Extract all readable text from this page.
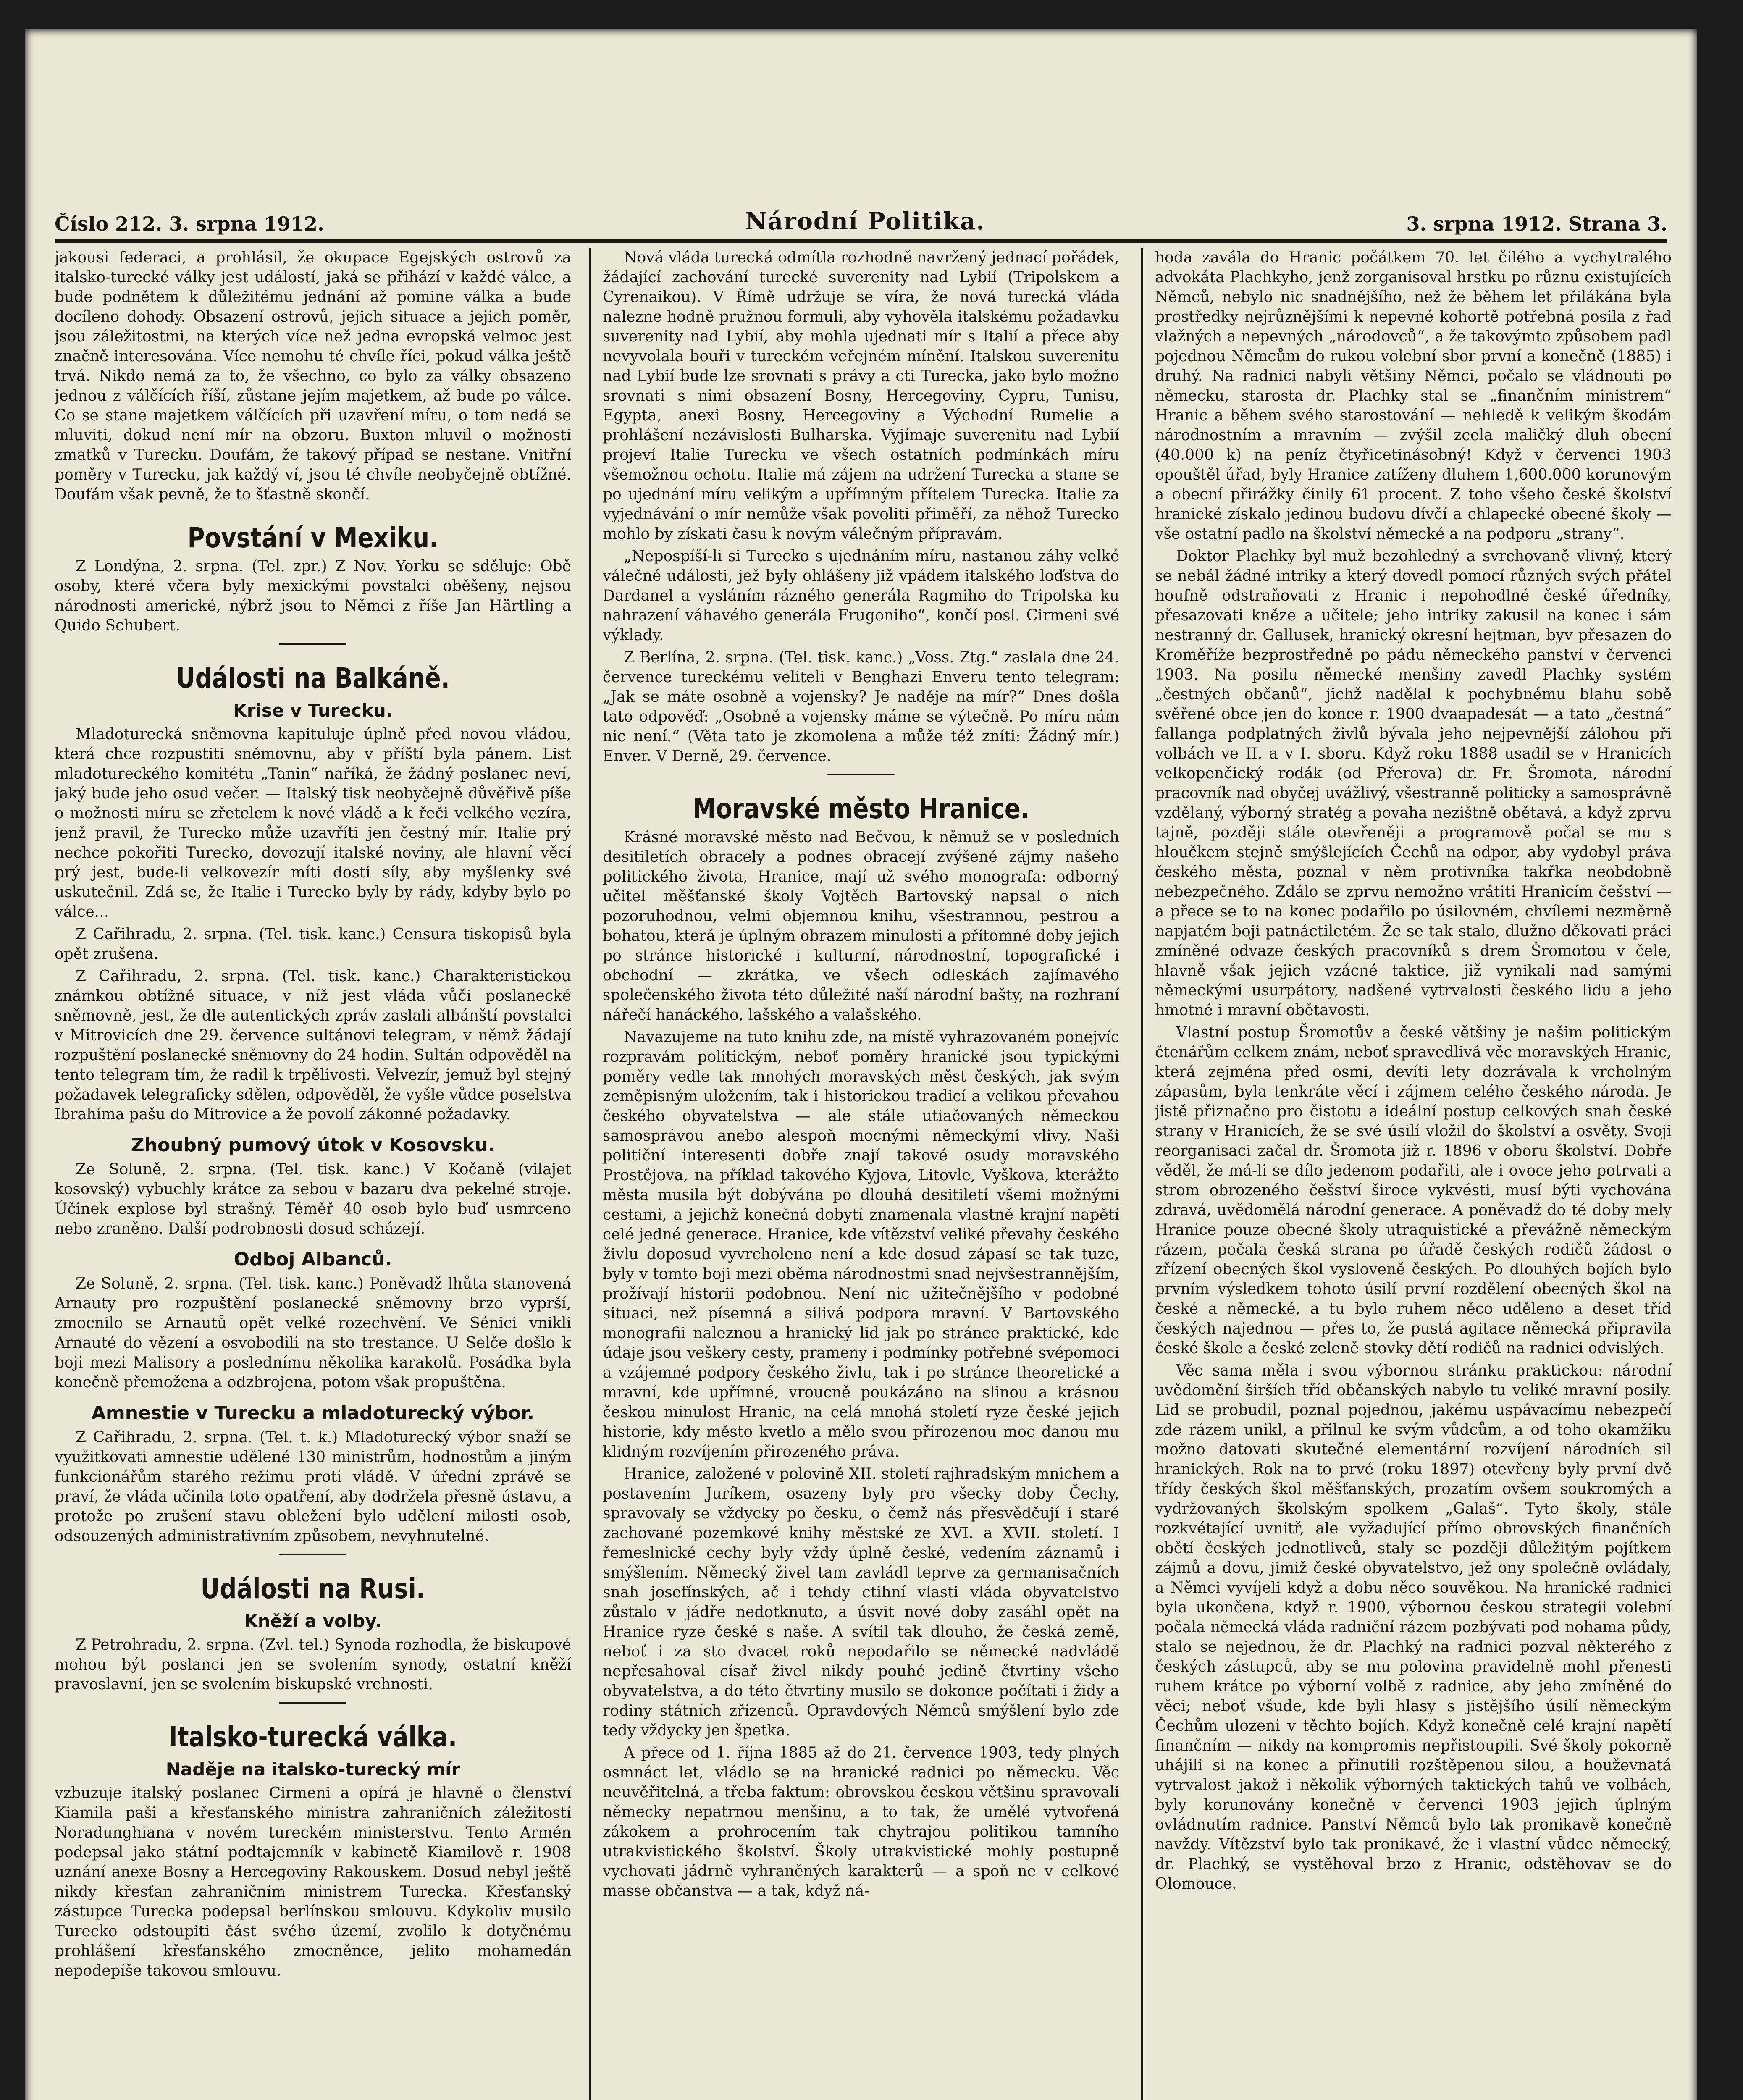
Číslo 212. 3. srpna 1912.	Národní Politika.	3. srpna 1912. Strana 3.

jakousi federaci, a prohlásil, že okupace Egejských ostrovů za italsko-turecké války jest událostí, jaká se přihází v každé válce, a bude podnětem k důležitému jednání až pomine válka a bude docíleno dohody. Obsazení ostrovů, jejich situace a jejich poměr, jsou záležitostmi, na kterých více než jedna evropská velmoc jest značně interesována. Více nemohu té chvíle říci, pokud válka ještě trvá. Nikdo nemá za to, že všechno, co bylo za války obsazeno jednou z válčících říší, zůstane jejím majetkem, až bude po válce. Co se stane majetkem válčících při uzavření míru, o tom nedá se mluviti, dokud není mír na obzoru. Buxton mluvil o možnosti zmatků v Turecku. Doufám, že takový případ se nestane. Vnitřní poměry v Turecku, jak každý ví, jsou té chvíle neobyčejně obtížné. Doufám však pevně, že to šťastně skončí.

Povstání v Mexiku.

Z Londýna, 2. srpna. (Tel. zpr.) Z Nov. Yorku se sděluje: Obě osoby, které včera byly mexickými povstalci oběšeny, nejsou národnosti americké, nýbrž jsou to Němci z říše Jan Härtling a Quido Schubert.

Události na Balkáně.
Krise v Turecku.

Mladoturecká sněmovna kapituluje úplně před novou vládou, která chce rozpustiti sněmovnu, aby v příští byla pánem. List mladotureckého komitétu „Tanin“ naříká, že žádný poslanec neví, jaký bude jeho osud večer. — Italský tisk neobyčejně důvěřivě píše o možnosti míru se zřetelem k nové vládě a k řeči velkého vezíra, jenž pravil, že Turecko může uzavříti jen čestný mír. Italie prý nechce pokořiti Turecko, dovozují italské noviny, ale hlavní věcí prý jest, bude-li velkovezír míti dosti síly, aby myšlenky své uskutečnil. Zdá se, že Italie i Turecko byly by rády, kdyby bylo po válce...

Z Cařihradu, 2. srpna. (Tel. tisk. kanc.) Censura tiskopisů byla opět zrušena.

Z Cařihradu, 2. srpna. (Tel. tisk. kanc.) Charakteristickou známkou obtížné situace, v níž jest vláda vůči poslanecké sněmovně, jest, že dle autentických zpráv zaslali albánští povstalci v Mitrovicích dne 29. července sultánovi telegram, v němž žádají rozpuštění poslanecké sněmovny do 24 hodin. Sultán odpověděl na tento telegram tím, že radil k trpělivosti. Velvezír, jemuž byl stejný požadavek telegraficky sdělen, odpověděl, že vyšle vůdce poselstva Ibrahima pašu do Mitrovice a že povolí zákonné požadavky.

Zhoubný pumový útok v Kosovsku.

Ze Soluně, 2. srpna. (Tel. tisk. kanc.) V Kočaně (vilajet kosovský) vybuchly krátce za sebou v bazaru dva pekelné stroje. Účinek explose byl strašný. Téměř 40 osob bylo buď usmrceno nebo zraněno. Další podrobnosti dosud scházejí.

Odboj Albanců.

Ze Soluně, 2. srpna. (Tel. tisk. kanc.) Poněvadž lhůta stanovená Arnauty pro rozpuštění poslanecké sněmovny brzo vyprší, zmocnilo se Arnautů opět velké rozechvění. Ve Sénici vnikli Arnauté do vězení a osvobodili na sto trestance. U Selče došlo k boji mezi Malisory a poslednímu několika karakolů. Posádka byla konečně přemožena a odzbrojena, potom však propuštěna.

Amnestie v Turecku a mladoturecký výbor.

Z Cařihradu, 2. srpna. (Tel. t. k.) Mladoturecký výbor snaží se využitkovati amnestie udělené 130 ministrům, hodnostům a jiným funkcionářům starého režimu proti vládě. V úřední zprávě se praví, že vláda učinila toto opatření, aby dodržela přesně ústavu, a protože po zrušení stavu obležení bylo udělení milosti osob, odsouzených administrativním způsobem, nevyhnutelné.

Události na Rusi.
Kněží a volby.

Z Petrohradu, 2. srpna. (Zvl. tel.) Synoda rozhodla, že biskupové mohou být poslanci jen se svolením synody, ostatní kněží pravoslavní, jen se svolením biskupské vrchnosti.

Italsko-turecká válka.
Naděje na italsko-turecký mír

vzbuzuje italský poslanec Cirmeni a opírá je hlavně o členství Kiamila paši a křesťanského ministra zahraničních záležitostí Noradunghiana v novém tureckém ministerstvu. Tento Armén podepsal jako státní podtajemník v kabinetě Kiamilově r. 1908 uznání anexe Bosny a Hercegoviny Rakouskem. Dosud nebyl ještě nikdy křesťan zahraničním ministrem Turecka. Křesťanský zástupce Turecka podepsal berlínskou smlouvu. Kdykoliv musilo Turecko odstoupiti část svého území, zvolilo k dotyčnému prohlášení křesťanského zmocněnce, jelito mohamedán nepodepíše takovou smlouvu.

Nová vláda turecká odmítla rozhodně navržený jednací pořádek, žádající zachování turecké suverenity nad Lybií (Tripolskem a Cyrenaikou). V Římě udržuje se víra, že nová turecká vláda nalezne hodně pružnou formuli, aby vyhověla italskému požadavku suverenity nad Lybií, aby mohla ujednati mír s Italií a přece aby nevyvolala bouři v tureckém veřejném mínění. Italskou suverenitu nad Lybií bude lze srovnati s právy a cti Turecka, jako bylo možno srovnati s nimi obsazení Bosny, Hercegoviny, Cypru, Tunisu, Egypta, anexi Bosny, Hercegoviny a Východní Rumelie a prohlášení nezávislosti Bulharska. Vyjímaje suverenitu nad Lybií projeví Italie Turecku ve všech ostatních podmínkách míru všemožnou ochotu. Italie má zájem na udržení Turecka a stane se po ujednání míru velikým a upřímným přítelem Turecka. Italie za vyjednávání o mír nemůže však povoliti přiměří, za něhož Turecko mohlo by získati času k novým válečným přípravám.

„Nepospíší-li si Turecko s ujednáním míru, nastanou záhy velké válečné události, jež byly ohlášeny již vpádem italského loďstva do Dardanel a vysláním rázného generála Ragmiho do Tripolska ku nahrazení váhavého generála Frugoniho“, končí posl. Cirmeni své výklady.

Z Berlína, 2. srpna. (Tel. tisk. kanc.) „Voss. Ztg.“ zaslala dne 24. července tureckému veliteli v Benghazi Enveru tento telegram: „Jak se máte osobně a vojensky? Je naděje na mír?“ Dnes došla tato odpověď: „Osobně a vojensky máme se výtečně. Po míru nám nic není.“ (Věta tato je zkomolena a může též zníti: Žádný mír.) Enver. V Derně, 29. července.

Moravské město Hranice.

Krásné moravské město nad Bečvou, k němuž se v posledních desitiletích obracely a podnes obracejí zvýšené zájmy našeho politického života, Hranice, mají už svého monografa: odborný učitel měšťanské školy Vojtěch Bartovský napsal o nich pozoruhodnou, velmi objemnou knihu, všestrannou, pestrou a bohatou, která je úplným obrazem minulosti a přítomné doby jejich po stránce historické i kulturní, národnostní, topografické i obchodní — zkrátka, ve všech odleskách zajímavého společenského života této důležité naší národní bašty, na rozhraní nářečí hanáckého, lašského a valašského.

Navazujeme na tuto knihu zde, na místě vyhrazovaném ponejvíc rozpravám politickým, neboť poměry hranické jsou typickými poměry vedle tak mnohých moravských měst českých, jak svým zeměpisným uložením, tak i historickou tradicí a velikou převahou českého obyvatelstva — ale stále utiačovaných německou samosprávou anebo alespoň mocnými německými vlivy. Naši političní interesenti dobře znají takové osudy moravského Prostějova, na příklad takového Kyjova, Litovle, Vyškova, kterážto města musila být dobývána po dlouhá desitiletí všemi možnými cestami, a jejichž konečná dobytí znamenala vlastně krajní napětí celé jedné generace. Hranice, kde vítězství veliké převahy českého živlu doposud vyvrcholeno není a kde dosud zápasí se tak tuze, byly v tomto boji mezi oběma národnostmi snad nejvšestrannějším, prožívají historii podobnou. Není nic užitečnějšího v podobné situaci, než písemná a silivá podpora mravní. V Bartovského monografii naleznou a hranický lid jak po stránce praktické, kde údaje jsou veškery cesty, prameny i podmínky potřebné svépomoci a vzájemné podpory českého živlu, tak i po stránce theoretické a mravní, kde upřímné, vroucně poukázáno na slinou a krásnou českou minulost Hranic, na celá mnohá století ryze české jejich historie, kdy město kvetlo a mělo svou přirozenou moc danou mu klidným rozvíjením přirozeného práva.

Hranice, založené v polovině XII. století rajhradským mnichem a postavením Juríkem, osazeny byly pro všecky doby Čechy, spravovaly se vždycky po česku, o čemž nás přesvědčují i staré zachované pozemkové knihy městské ze XVI. a XVII. století. I řemeslnické cechy byly vždy úplně české, vedením záznamů i smýšlením. Německý živel tam zavládl teprve za germanisačních snah josefínských, ač i tehdy ctihní vlasti vláda obyvatelstvo zůstalo v jádře nedotknuto, a úsvit nové doby zasáhl opět na Hranice ryze české s naše. A svítil tak dlouho, že česká země, neboť i za sto dvacet roků nepodařilo se německé nadvládě nepřesahoval císař živel nikdy pouhé jedině čtvrtiny všeho obyvatelstva, a do této čtvrtiny musilo se dokonce počítati i židy a rodiny státních zřízenců. Opravdových Němců smýšlení bylo zde tedy vždycky jen špetka.

A přece od 1. října 1885 až do 21. července 1903, tedy plných osmnáct let, vládlo se na hranické radnici po německu. Věc neuvěřitelná, a třeba faktum: obrovskou českou většinu spravovali německy nepatrnou menšinu, a to tak, že umělé vytvořená zákokem a prohrocením tak chytrajou politikou tamního utrakvistického školství. Školy utrakvistické mohly postupně vychovati jádrně vyhraněných karakterů — a spoň ne v celkové masse občanstva — a tak, když ná-

hoda zavála do Hranic počátkem 70. let čilého a vychytralého advokáta Plachkyho, jenž zorganisoval hrstku po různu existujících Němců, nebylo nic snadnějšího, než že během let přilákána byla prostředky nejrůznějšími k nepevné kohortě potřebná posila z řad vlažných a nepevných „národovců“, a že takovýmto způsobem padl pojednou Němcům do rukou volební sbor první a konečně (1885) i druhý. Na radnici nabyli většiny Němci, počalo se vládnouti po německu, starosta dr. Plachky stal se „finančním ministrem“ Hranic a během svého starostování — nehledě k velikým škodám národnostním a mravním — zvýšil zcela maličký dluh obecní (40.000 k) na peníz čtyřicetinásobný! Když v červenci 1903 opouštěl úřad, byly Hranice zatíženy dluhem 1,600.000 korunovým a obecní přirážky činily 61 procent. Z toho všeho české školství hranické získalo jedinou budovu dívčí a chlapecké obecné školy — vše ostatní padlo na školství německé a na podporu „strany“.

Doktor Plachky byl muž bezohledný a svrchovaně vlivný, který se nebál žádné intriky a který dovedl pomocí různých svých přátel houfně odstraňovati z Hranic i nepohodlné české úředníky, přesazovati kněze a učitele; jeho intriky zakusil na konec i sám nestranný dr. Gallusek, hranický okresní hejtman, byv přesazen do Kroměříže bezprostředně po pádu německého panství v červenci 1903. Na posilu německé menšiny zavedl Plachky systém „čestných občanů“, jichž nadělal k pochybnému blahu sobě svěřené obce jen do konce r. 1900 dvaapadesát — a tato „čestná“ fallanga podplatných živlů bývala jeho nejpevnější zálohou při volbách ve II. a v I. sboru. Když roku 1888 usadil se v Hranicích velkopenčický rodák (od Přerova) dr. Fr. Šromota, národní pracovník nad obyčej uvážlivý, všestranně politicky a samosprávně vzdělaný, výborný stratég a povaha nezištně obětavá, a když zprvu tajně, později stále otevřeněji a programově počal se mu s hloučkem stejně smýšlejících Čechů na odpor, aby vydobyl práva českého města, poznal v něm protivníka takřka neobdobně nebezpečného. Zdálo se zprvu nemožno vrátiti Hranicím češství — a přece se to na konec podařilo po úsilovném, chvílemi nezměrně napjatém boji patnáctiletém. Že se tak stalo, dlužno děkovati práci zmíněné odvaze českých pracovníků s drem Šromotou v čele, hlavně však jejich vzácné taktice, již vynikali nad samými německými usurpátory, nadšené vytrvalosti českého lidu a jeho hmotné i mravní obětavosti.

Vlastní postup Šromotův a české většiny je našim politickým čtenářům celkem znám, neboť spravedlivá věc moravských Hranic, která zejména před osmi, devíti lety dozrávala k vrcholným zápasům, byla tenkráte věcí i zájmem celého českého národa. Je jistě přiznačno pro čistotu a ideální postup celkových snah české strany v Hranicích, že se své úsilí vložil do školství a osvěty. Svoji reorganisaci začal dr. Šromota již r. 1896 v oboru školství. Dobře věděl, že má-li se dílo jedenom podařiti, ale i ovoce jeho potrvati a strom obrozeného češství široce vykvésti, musí býti vychována zdravá, uvědomělá národní generace. A poněvadž do té doby mely Hranice pouze obecné školy utraquistické a převážně německým rázem, počala česká strana po úřadě českých rodičů žádost o zřízení obecných škol vysloveně českých. Po dlouhých bojích bylo prvním výsledkem tohoto úsilí první rozdělení obecných škol na české a německé, a tu bylo ruhem něco uděleno a deset tříd českých najednou — přes to, že pustá agitace německá připravila české škole a české zeleně stovky dětí rodičů na radnici odvislých.

Věc sama měla i svou výbornou stránku praktickou: národní uvědomění širších tříd občanských nabylo tu veliké mravní posily. Lid se probudil, poznal pojednou, jakému uspávacímu nebezpečí zde rázem unikl, a přilnul ke svým vůdcům, a od toho okamžiku možno datovati skutečné elementární rozvíjení národních sil hranických. Rok na to prvé (roku 1897) otevřeny byly první dvě třídy českých škol měšťanských, prozatím ovšem soukromých a vydržovaných školským spolkem „Galaš“. Tyto školy, stále rozkvétající uvnitř, ale vyžadující přímo obrovských finančních obětí českých jednotlivců, staly se později důležitým pojítkem zájmů a dovu, jimiž české obyvatelstvo, jež ony společně ovládaly, a Němci vyvíjeli když a dobu něco souvěkou. Na hranické radnici byla ukončena, když r. 1900, výbornou českou strategii volební počala německá vláda radniční rázem pozbývati pod nohama půdy, stalo se nejednou, že dr. Plachký na radnici pozval některého z českých zástupců, aby se mu polovina pravidelně mohl přenesti ruhem krátce po výborní volbě z radnice, aby jeho zmíněné do věci; neboť všude, kde byli hlasy s jistějšího úsilí německým Čechům ulozeni v těchto bojích. Když konečně celé krajní napětí finančním — nikdy na kompromis nepřistoupili. Své školy pokorně uhájili si na konec a přinutili rozštěpenou silou, a houževnatá vytrvalost jakož i několik výborných taktických tahů ve volbách, byly korunovány konečně v červenci 1903 jejich úplným ovládnutím radnice. Panství Němců bylo tak pronikavě konečně navždy. Vítězství bylo tak pronikavé, že i vlastní vůdce německý, dr. Plachký, se vystěhoval brzo z Hranic, odstěhovav se do Olomouce.
